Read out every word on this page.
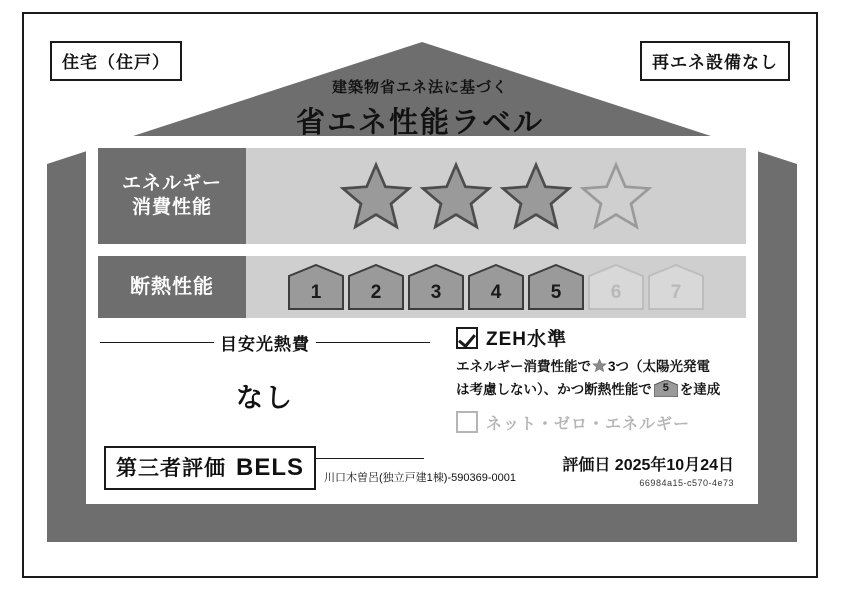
住宅（住戸）	再エネ設備なし
建築物省エネ法に基づく
省エネ性能ラベル
エネルギー
消費性能
断熱性能	1	2	3	4	5	6	7
目安光熱費
なし
ZEH水準
エネルギー消費性能で 3つ（太陽光発電
は考慮しない）、かつ断熱性能で 5 を達成
ネット・ゼロ・エネルギー
第三者評価 BELS 川口木曽呂(独立戸建1棟)-590369-0001
評価日 2025年10月24日
66984a15-c570-4e73
